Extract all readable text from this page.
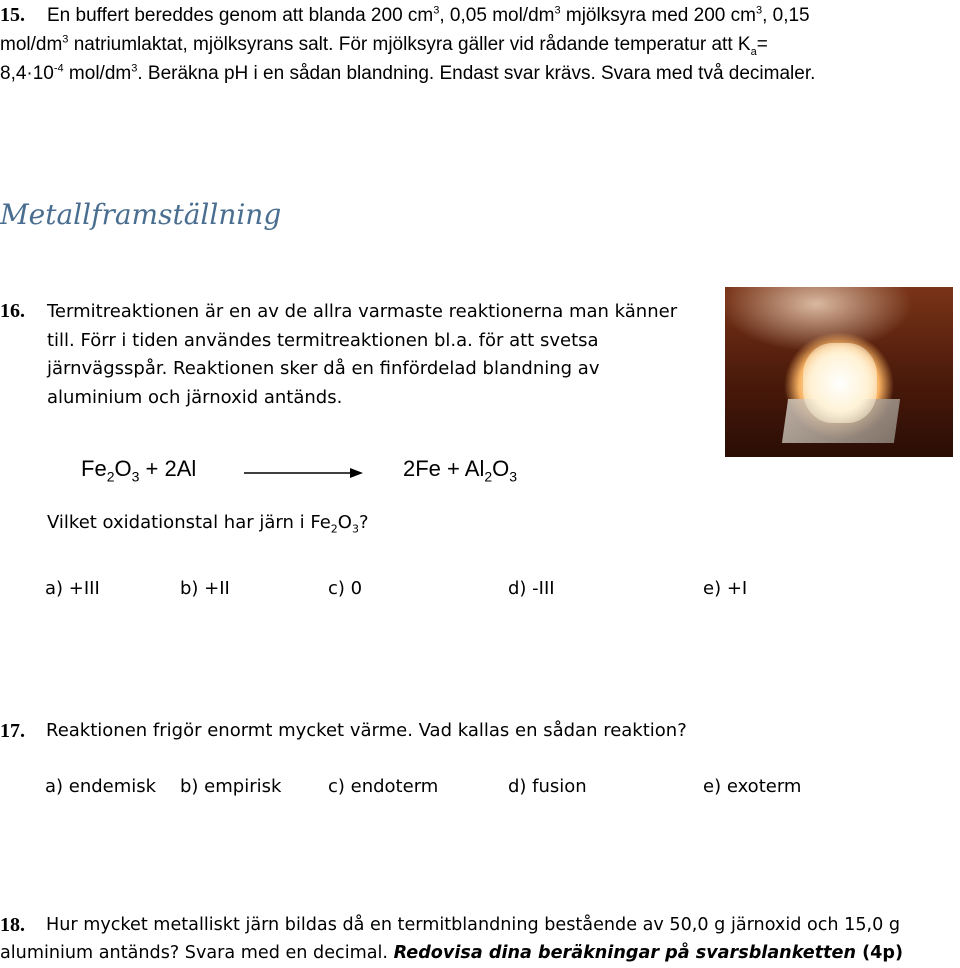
15. En buffert bereddes genom att blanda 200 $cm^3$, 0,05 mol/$dm^3$ mjölksyra med 200 $cm^3$, 0,15
mol/$dm^3$ natriumlaktat, mjölksyrans salt. För mjölksyra gäller vid rådande temperatur att $K_a=$
$8,4\cdot 10^{-4}$ mol/$dm^3$. Beräkna pH i en sådan blandning. Endast svar krävs. Svara med två decimaler.
Metallframställning
16. Termitreaktionen är en av de allra varmaste reaktionerna man känner
till. Förr i tiden användes termitreaktionen bl.a. för att svetsa
järnvägsspår. Reaktionen sker då en finfördelad blandning av
aluminium och järnoxid antänds.
$Fe_2O_3 + 2Al$	$2Fe + Al_2O_3$
Vilket oxidationstal har järn i $Fe_2O_3$?
a) +III	b) +II	c) 0	d) -III	e) +I
17. Reaktionen frigör enormt mycket värme. Vad kallas en sådan reaktion?
a) endemisk b) empirisk	c) endoterm	d) fusion	e) exoterm
18. Hur mycket metalliskt järn bildas då en termitblandning bestående av 50,0 g järnoxid och 15,0 g
aluminium antänds? Svara med en decimal. Redovisa dina beräkningar på svarsblanketten (4p)
